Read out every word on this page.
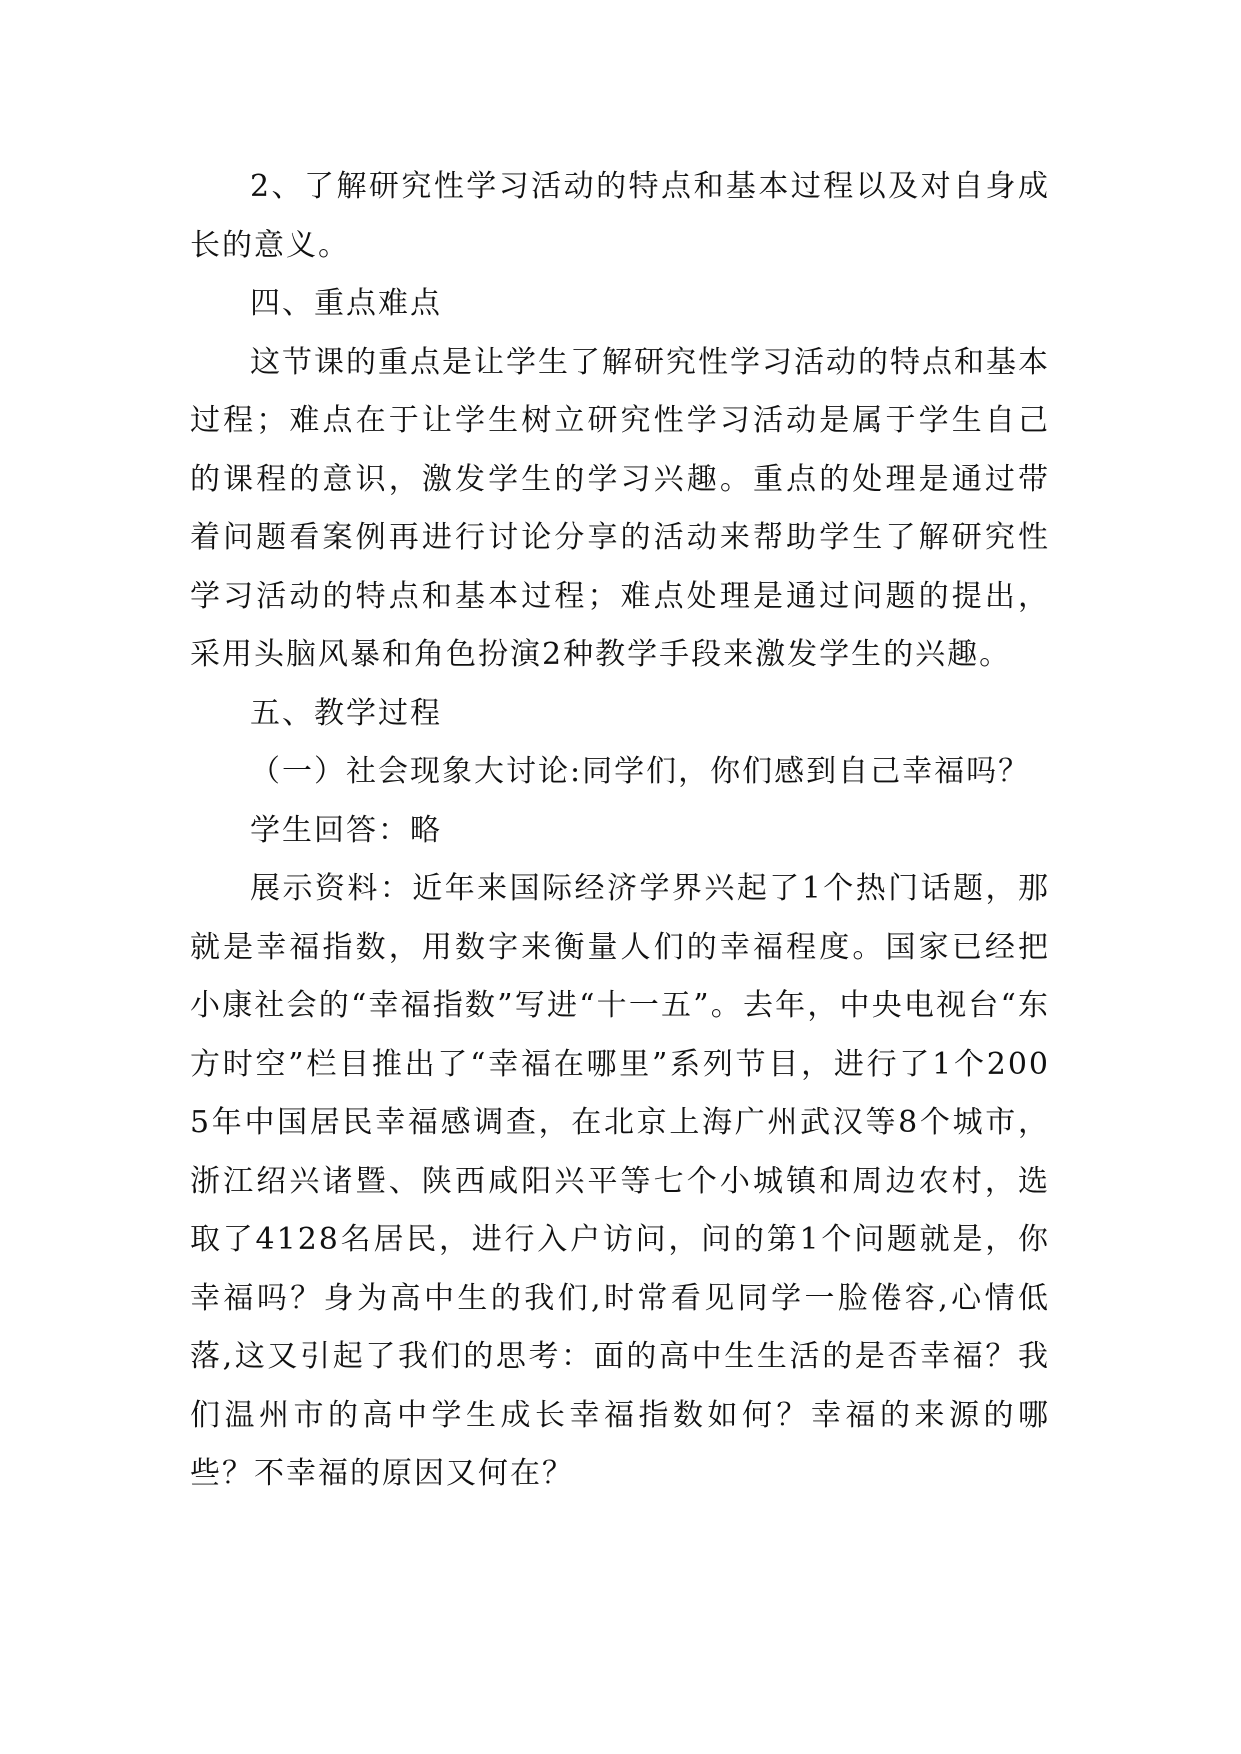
2、了解研究性学习活动的特点和基本过程以及对自身成长的意义。

四、重点难点

这节课的重点是让学生了解研究性学习活动的特点和基本过程；难点在于让学生树立研究性学习活动是属于学生自己的课程的意识，激发学生的学习兴趣。重点的处理是通过带着问题看案例再进行讨论分享的活动来帮助学生了解研究性学习活动的特点和基本过程；难点处理是通过问题的提出，采用头脑风暴和角色扮演2种教学手段来激发学生的兴趣。

五、教学过程

（一）社会现象大讨论:同学们，你们感到自己幸福吗？

学生回答：略

展示资料：近年来国际经济学界兴起了1个热门话题，那就是幸福指数，用数字来衡量人们的幸福程度。国家已经把小康社会的“幸福指数”写进“十一五”。去年，中央电视台“东方时空”栏目推出了“幸福在哪里”系列节目，进行了1个2005年中国居民幸福感调查，在北京上海广州武汉等8个城市，浙江绍兴诸暨、陕西咸阳兴平等七个小城镇和周边农村，选取了4128名居民，进行入户访问，问的第1个问题就是，你幸福吗？身为高中生的我们,时常看见同学一脸倦容,心情低落,这又引起了我们的思考：面的高中生生活的是否幸福？我们温州市的高中学生成长幸福指数如何？幸福的来源的哪些？不幸福的原因又何在？
